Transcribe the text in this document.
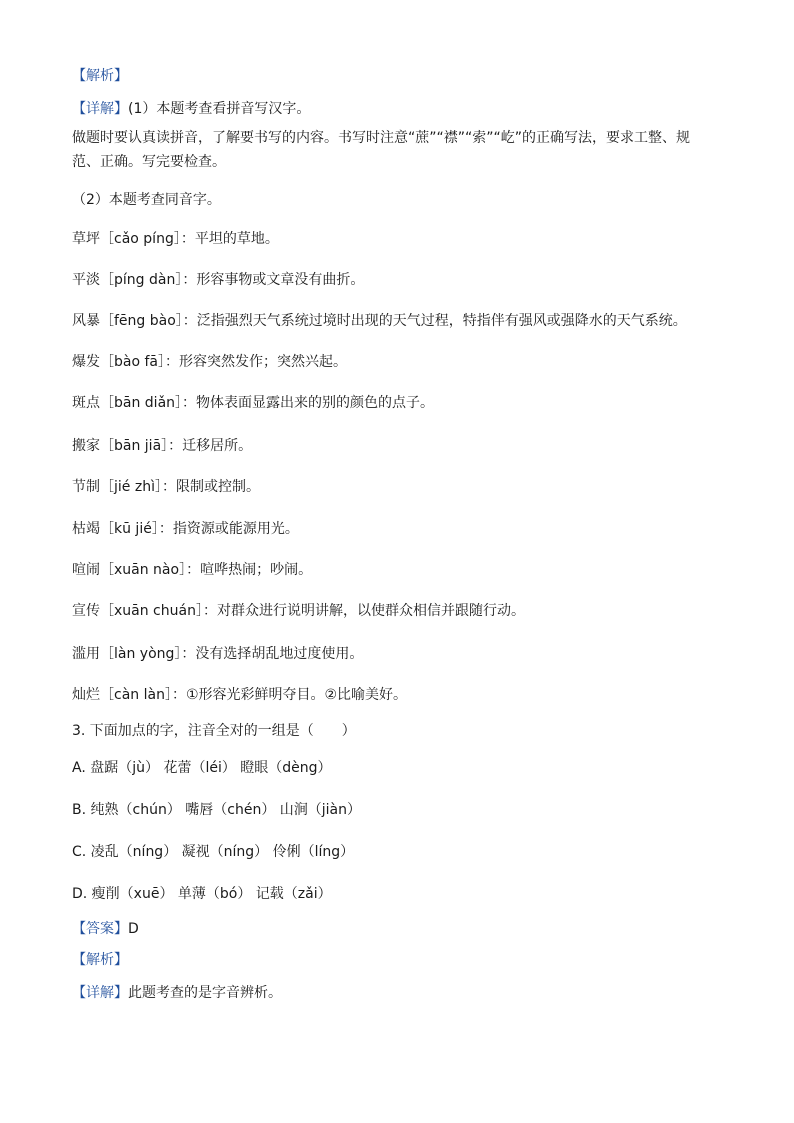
【解析】
【详解】(1）本题考查看拼音写汉字。
做题时要认真读拼音，了解要书写的内容。书写时注意“蔗”“襟”“索”“屹”的正确写法，要求工整、规范、正确。写完要检查。
（2）本题考查同音字。
草坪［cǎo píng］：平坦的草地。
平淡［píng dàn］：形容事物或文章没有曲折。
风暴［fēng bào］：泛指强烈天气系统过境时出现的天气过程，特指伴有强风或强降水的天气系统。
爆发［bào fā］：形容突然发作；突然兴起。
斑点［bān diǎn］：物体表面显露出来的别的颜色的点子。
搬家［bān jiā］：迁移居所。
节制［jié zhì］：限制或控制。
枯竭［kū jié］：指资源或能源用光。
喧闹［xuān nào］：喧哗热闹；吵闹。
宣传［xuān chuán］：对群众进行说明讲解，以使群众相信并跟随行动。
滥用［làn yòng］：没有选择胡乱地过度使用。
灿烂［càn làn］：①形容光彩鲜明夺目。②比喻美好。
3. 下面加点的字，注音全对的一组是（　　）
A. 盘踞（jù） 花蕾（léi） 瞪眼（dèng）
B. 纯熟（chún） 嘴唇（chén） 山涧（jiàn）
C. 凌乱（níng） 凝视（níng） 伶俐（líng）
D. 瘦削（xuē） 单薄（bó） 记载（zǎi）
【答案】D
【解析】
【详解】此题考查的是字音辨析。
